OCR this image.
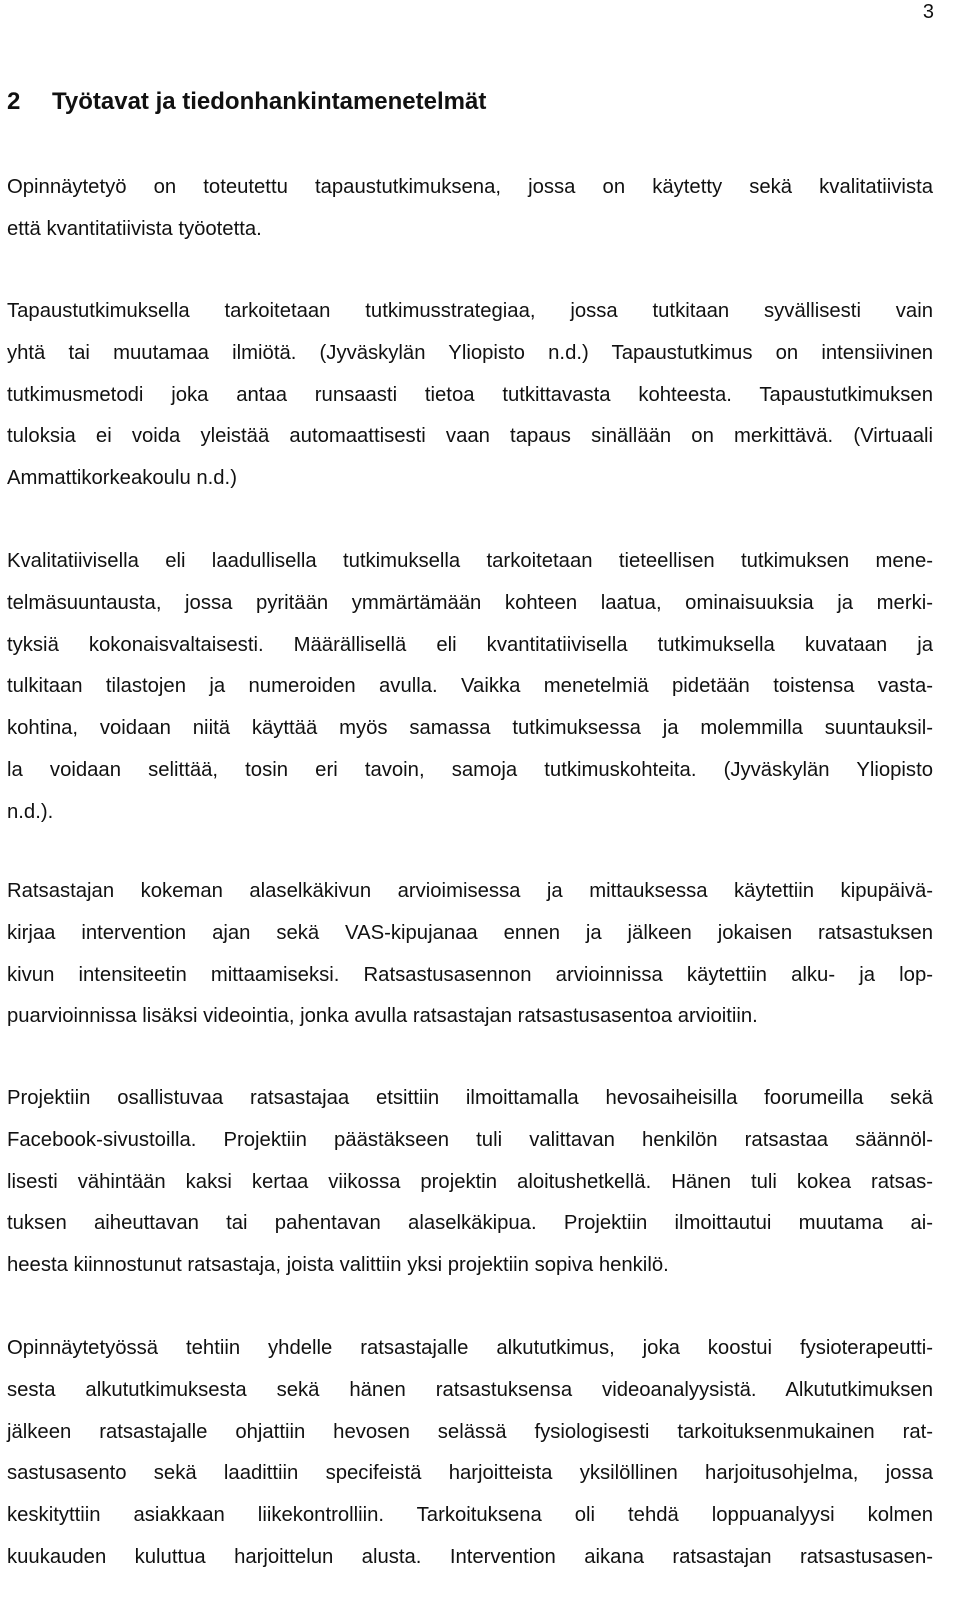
3
2 Työtavat ja tiedonhankintamenetelmät
Opinnäytetyö on toteutettu tapaustutkimuksena, jossa on käytetty sekä kvalitatiivista
että kvantitatiivista työotetta.
Tapaustutkimuksella tarkoitetaan tutkimusstrategiaa, jossa tutkitaan syvällisesti vain
yhtä tai muutamaa ilmiötä. (Jyväskylän Yliopisto n.d.) Tapaustutkimus on intensiivinen
tutkimusmetodi joka antaa runsaasti tietoa tutkittavasta kohteesta. Tapaustutkimuksen
tuloksia ei voida yleistää automaattisesti vaan tapaus sinällään on merkittävä. (Virtuaali
Ammattikorkeakoulu n.d.)
Kvalitatiivisella eli laadullisella tutkimuksella tarkoitetaan tieteellisen tutkimuksen mene-
telmäsuuntausta, jossa pyritään ymmärtämään kohteen laatua, ominaisuuksia ja merki-
tyksiä kokonaisvaltaisesti. Määrällisellä eli kvantitatiivisella tutkimuksella kuvataan ja
tulkitaan tilastojen ja numeroiden avulla. Vaikka menetelmiä pidetään toistensa vasta-
kohtina, voidaan niitä käyttää myös samassa tutkimuksessa ja molemmilla suuntauksil-
la voidaan selittää, tosin eri tavoin, samoja tutkimuskohteita. (Jyväskylän Yliopisto
n.d.).
Ratsastajan kokeman alaselkäkivun arvioimisessa ja mittauksessa käytettiin kipupäivä-
kirjaa intervention ajan sekä VAS-kipujanaa ennen ja jälkeen jokaisen ratsastuksen
kivun intensiteetin mittaamiseksi. Ratsastusasennon arvioinnissa käytettiin alku- ja lop-
puarvioinnissa lisäksi videointia, jonka avulla ratsastajan ratsastusasentoa arvioitiin.
Projektiin osallistuvaa ratsastajaa etsittiin ilmoittamalla hevosaiheisilla foorumeilla sekä
Facebook-sivustoilla. Projektiin päästäkseen tuli valittavan henkilön ratsastaa säännöl-
lisesti vähintään kaksi kertaa viikossa projektin aloitushetkellä. Hänen tuli kokea ratsas-
tuksen aiheuttavan tai pahentavan alaselkäkipua. Projektiin ilmoittautui muutama ai-
heesta kiinnostunut ratsastaja, joista valittiin yksi projektiin sopiva henkilö.
Opinnäytetyössä tehtiin yhdelle ratsastajalle alkututkimus, joka koostui fysioterapeutti-
sesta alkututkimuksesta sekä hänen ratsastuksensa videoanalyysistä. Alkututkimuksen
jälkeen ratsastajalle ohjattiin hevosen selässä fysiologisesti tarkoituksenmukainen rat-
sastusasento sekä laadittiin specifeistä harjoitteista yksilöllinen harjoitusohjelma, jossa
keskityttiin asiakkaan liikekontrolliin. Tarkoituksena oli tehdä loppuanalyysi kolmen
kuukauden kuluttua harjoittelun alusta. Intervention aikana ratsastajan ratsastusasen-
